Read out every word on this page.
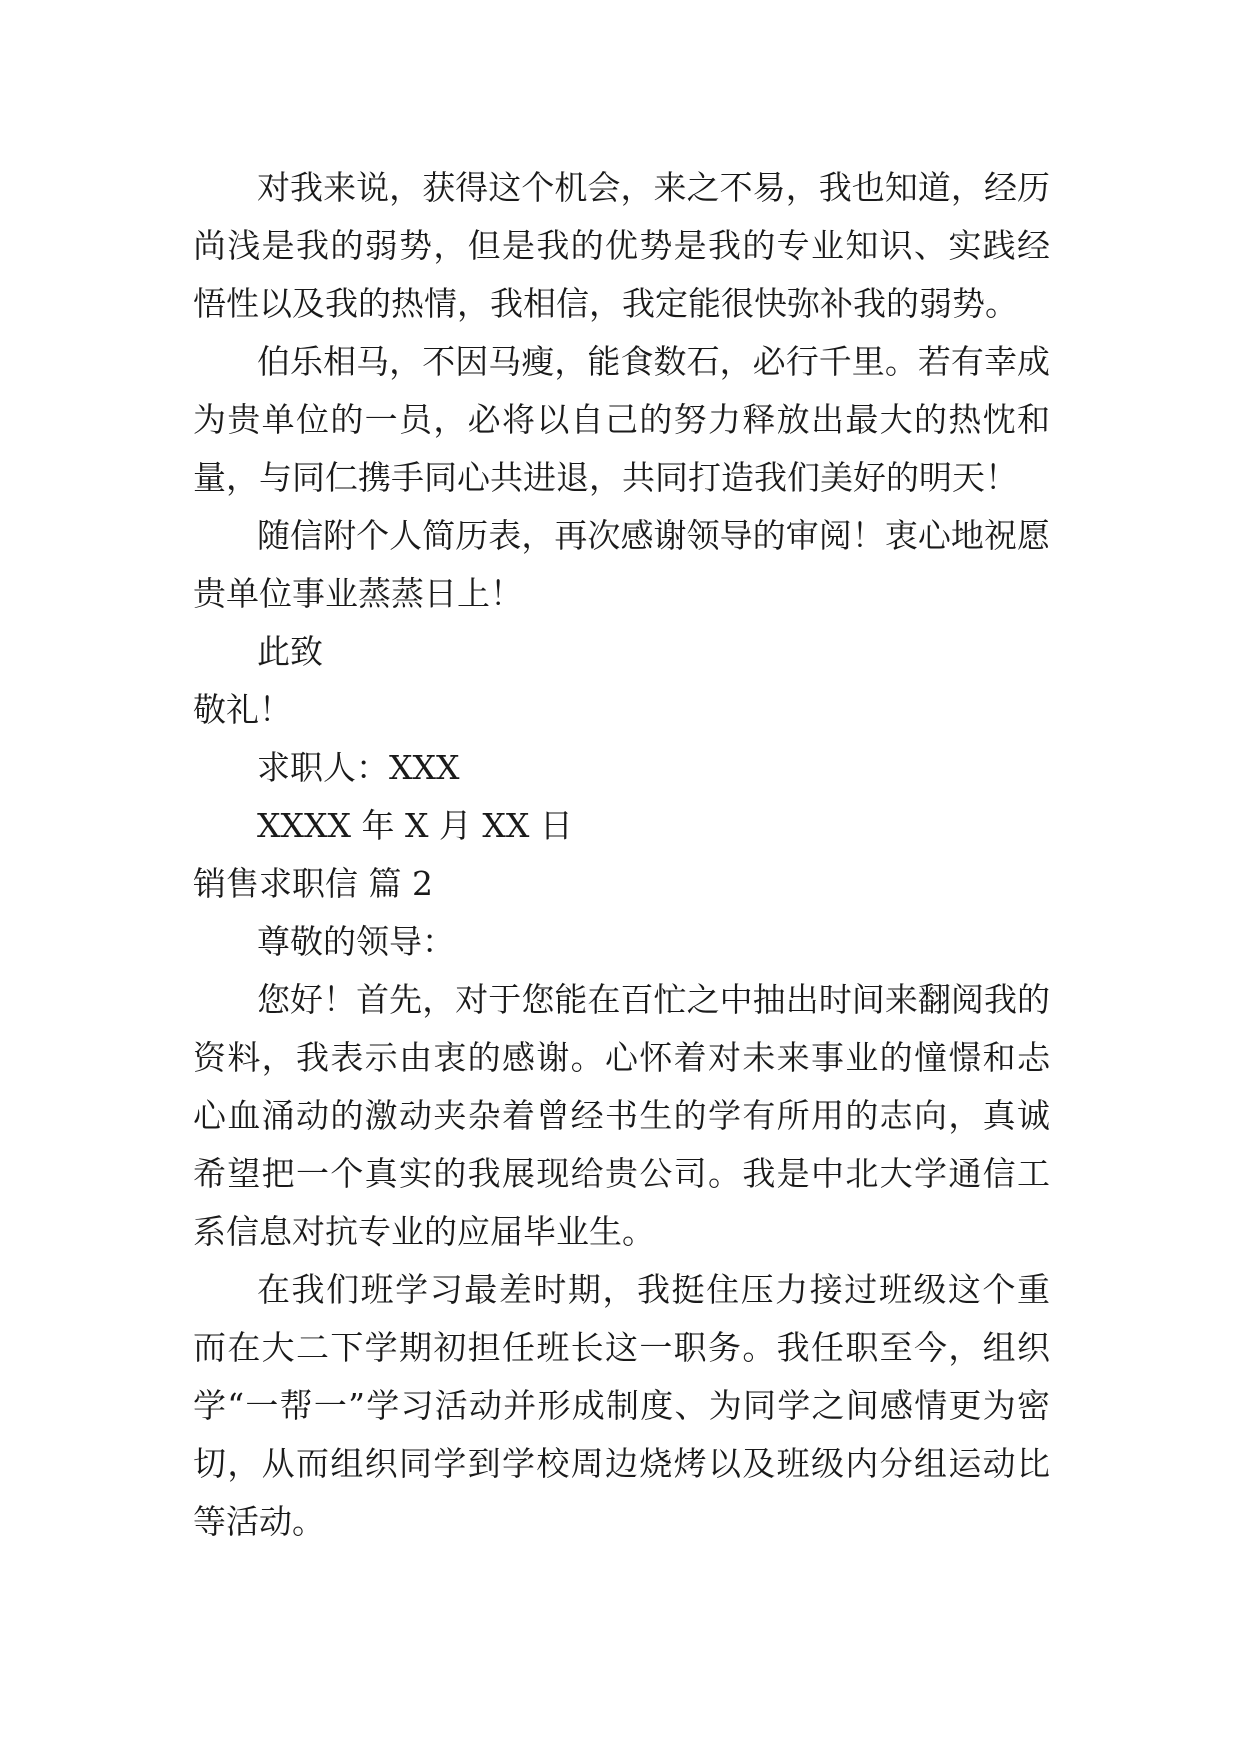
对我来说，获得这个机会，来之不易，我也知道，经历

尚浅是我的弱势，但是我的优势是我的专业知识、实践经

悟性以及我的热情，我相信，我定能很快弥补我的弱势。

伯乐相马，不因马瘦，能食数石，必行千里。若有幸成

为贵单位的一员，必将以自己的努力释放出最大的热忱和

量，与同仁携手同心共进退，共同打造我们美好的明天！

随信附个人简历表，再次感谢领导的审阅！衷心地祝愿

贵单位事业蒸蒸日上！

此致

敬礼！

求职人：XXX

XXXX 年 X 月 XX 日

销售求职信 篇 2

尊敬的领导：

您好！首先，对于您能在百忙之中抽出时间来翻阅我的

资料，我表示由衷的感谢。心怀着对未来事业的憧憬和忐

心血涌动的激动夹杂着曾经书生的学有所用的志向，真诚

希望把一个真实的我展现给贵公司。我是中北大学通信工

系信息对抗专业的应届毕业生。

在我们班学习最差时期，我挺住压力接过班级这个重

而在大二下学期初担任班长这一职务。我任职至今，组织

学“一帮一”学习活动并形成制度、为同学之间感情更为密

切，从而组织同学到学校周边烧烤以及班级内分组运动比

等活动。
